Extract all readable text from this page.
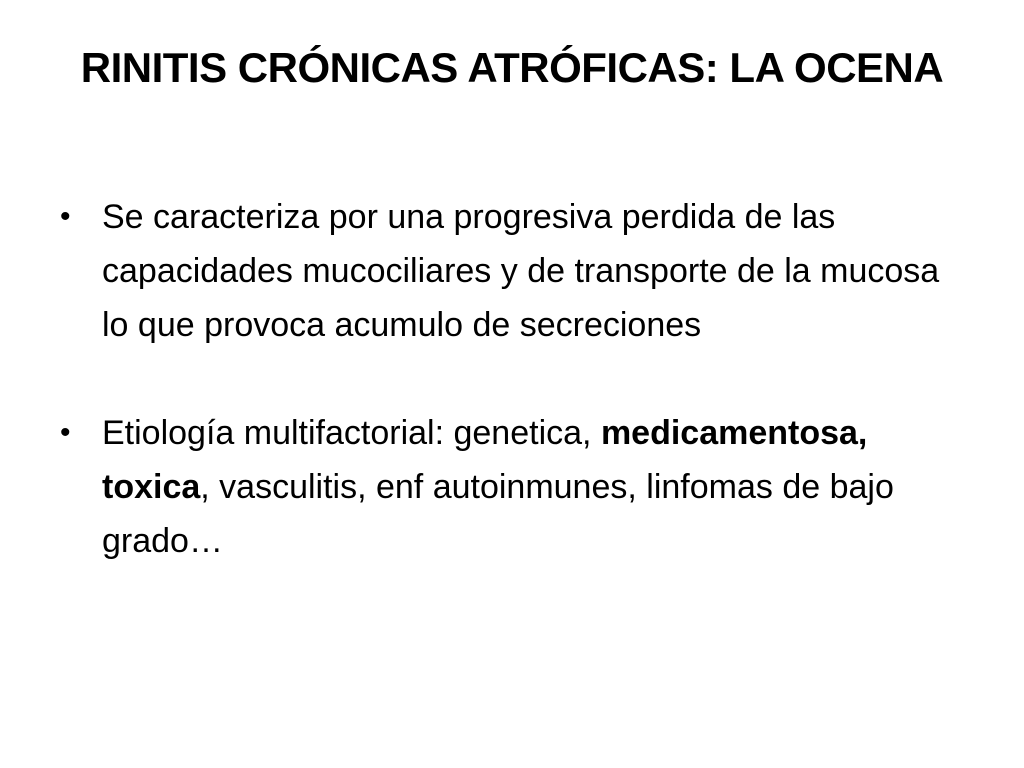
RINITIS CRÓNICAS ATRÓFICAS: LA OCENA
• Se caracteriza por una progresiva perdida de las capacidades mucociliares y de transporte de la mucosa lo que provoca acumulo de secreciones
• Etiología multifactorial: genetica, medicamentosa, toxica, vasculitis, enf autoinmunes, linfomas de bajo grado…
